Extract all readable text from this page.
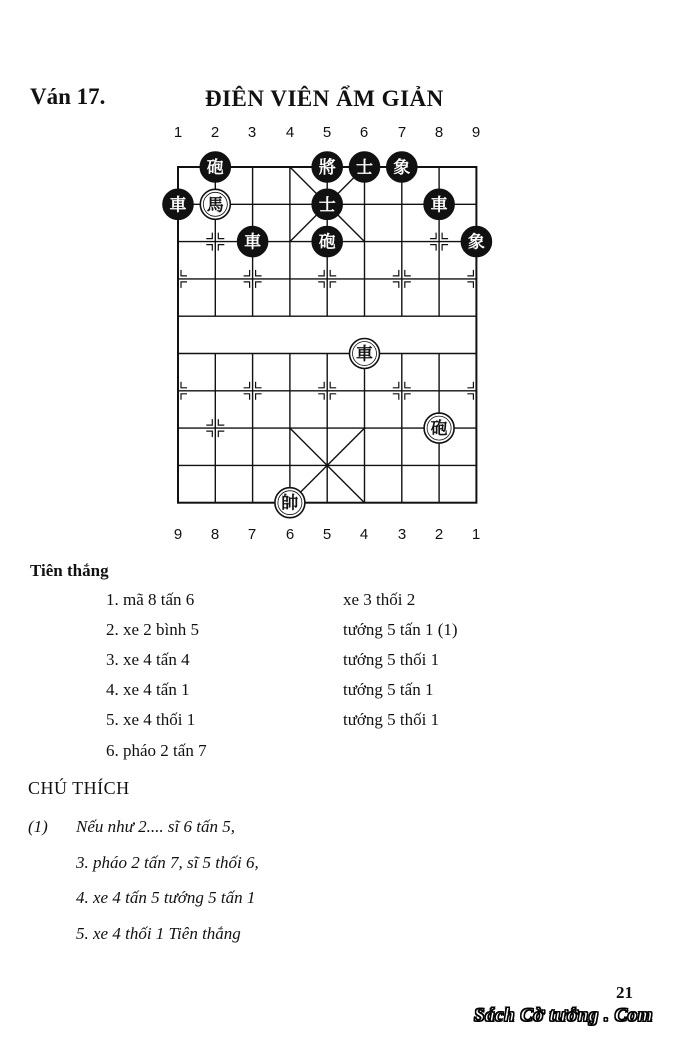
Ván 17.	ĐIÊN VIÊN ẨM GIẢN
1	2	3	4	5	6	7	8	9
砲	將 士 象
車 馬	士	車
車	砲	象
車
砲
帥
9	8	7	6	5	4	3	2	1
Tiên thắng
1. mã 8 tấn 6	xe 3 thối 2
2. xe 2 bình 5	tướng 5 tấn 1 (1)
3. xe 4 tấn 4	tướng 5 thối 1
4. xe 4 tấn 1	tướng 5 tấn 1
5. xe 4 thối 1	tướng 5 thối 1
6. pháo 2 tấn 7
CHÚ THÍCH
(1) Nếu như 2.... sĩ 6 tấn 5,
3. pháo 2 tấn 7, sĩ 5 thối 6,
4. xe 4 tấn 5 tướng 5 tấn 1
5. xe 4 thối 1 Tiên thắng
21
Sách Cờ tướng . Com
